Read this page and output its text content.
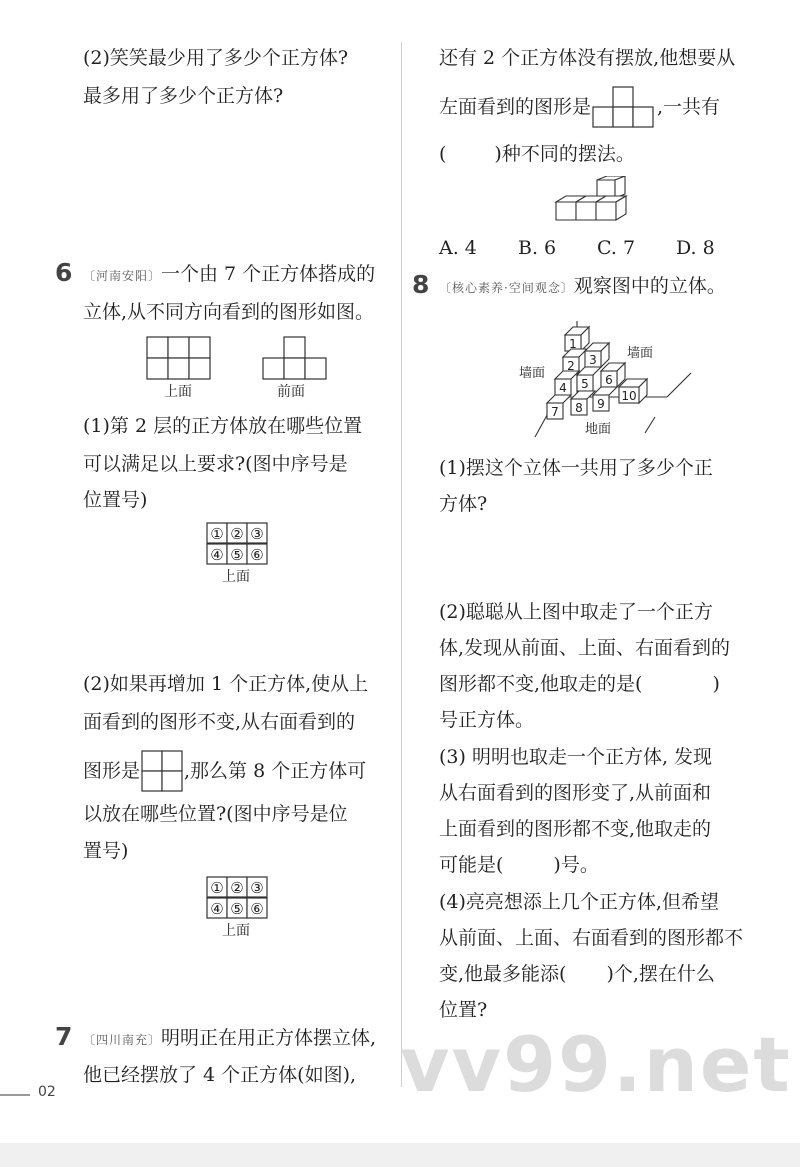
(2)笑笑最少用了多少个正方体?
最多用了多少个正方体?
6 〔河南安阳〕一个由 7 个正方体搭成的
立体,从不同方向看到的图形如图。
上面	前面
(1)第 2 层的正方体放在哪些位置
可以满足以上要求?(图中序号是
位置号)
① ② ③
④ ⑤ ⑥
上面
(2)如果再增加 1 个正方体,使从上
面看到的图形不变,从右面看到的
图形是 ,那么第 8 个正方体可
以放在哪些位置?(图中序号是位
置号)
① ② ③
④ ⑤ ⑥
上面
7 〔四川南充〕明明正在用正方体摆立体,
他已经摆放了 4 个正方体(如图),
还有 2 个正方体没有摆放,他想要从
左面看到的图形是	,一共有
(	)种不同的摆法。
A. 4 B. 6 C. 7 D. 8
8 〔核心素养·空间观念〕观察图中的立体。
1
2 3
4 5 6
7 8 9
10
墙面
墙面
地面
(1)摆这个立体一共用了多少个正
方体?
(2)聪聪从上图中取走了一个正方
体,发现从前面、上面、右面看到的
图形都不变,他取走的是(	)
号正方体。
(3) 明明也取走一个正方体, 发现
从右面看到的图形变了,从前面和
上面看到的图形都不变,他取走的
可能是(	)号。
(4)亮亮想添上几个正方体,但希望
从前面、上面、右面看到的图形都不
变,他最多能添( )个,摆在什么
位置?
02	vv99.net
